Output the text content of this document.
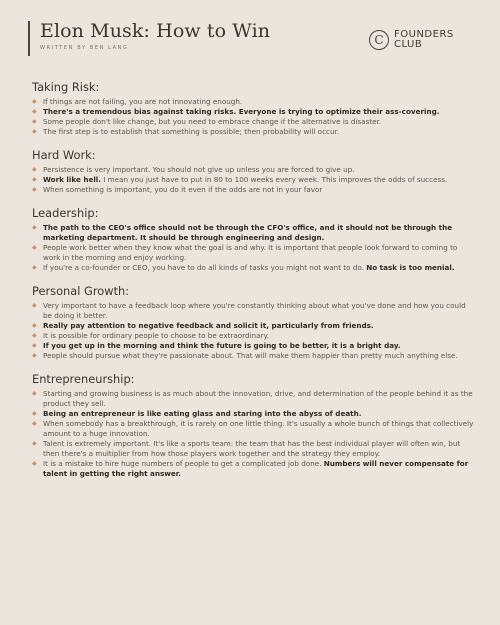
Elon Musk: How to Win
WRITTEN BY BEN LANG
C	FOUNDERS
CLUB
Taking Risk:
◆ If things are not failing, you are not innovating enough.
◆ There's a tremendous bias against taking risks. Everyone is trying to optimize their ass-covering.
◆ Some people don't like change, but you need to embrace change if the alternative is disaster.
◆ The first step is to establish that something is possible; then probability will occur.
Hard Work:
◆ Persistence is very important. You should not give up unless you are forced to give up.
◆ Work like hell. I mean you just have to put in 80 to 100 weeks every week. This improves the odds of success.
◆ When something is important, you do it even if the odds are not in your favor
Leadership:
◆ The path to the CEO's office should not be through the CFO's office, and it should not be through the marketing department. It should be through engineering and design.
◆ People work better when they know what the goal is and why. It is important that people look forward to coming to work in the morning and enjoy working.
◆ If you're a co-founder or CEO, you have to do all kinds of tasks you might not want to do. No task is too menial.
Personal Growth:
◆ Very important to have a feedback loop where you're constantly thinking about what you've done and how you could be doing it better.
◆ Really pay attention to negative feedback and solicit it, particularly from friends.
◆ It is possible for ordinary people to choose to be extraordinary.
◆ If you get up in the morning and think the future is going to be better, it is a bright day.
◆ People should pursue what they're passionate about. That will make them happier than pretty much anything else.
Entrepreneurship:
◆ Starting and growing business is as much about the innovation, drive, and determination of the people behind it as the product they sell.
◆ Being an entrepreneur is like eating glass and staring into the abyss of death.
◆ When somebody has a breakthrough, it is rarely on one little thing. It's usually a whole bunch of things that collectively amount to a huge innovation.
◆ Talent is extremely important. It's like a sports team: the team that has the best individual player will often win, but then there's a multiplier from how those players work together and the strategy they employ.
◆ It is a mistake to hire huge numbers of people to get a complicated job done. Numbers will never compensate for talent in getting the right answer.
